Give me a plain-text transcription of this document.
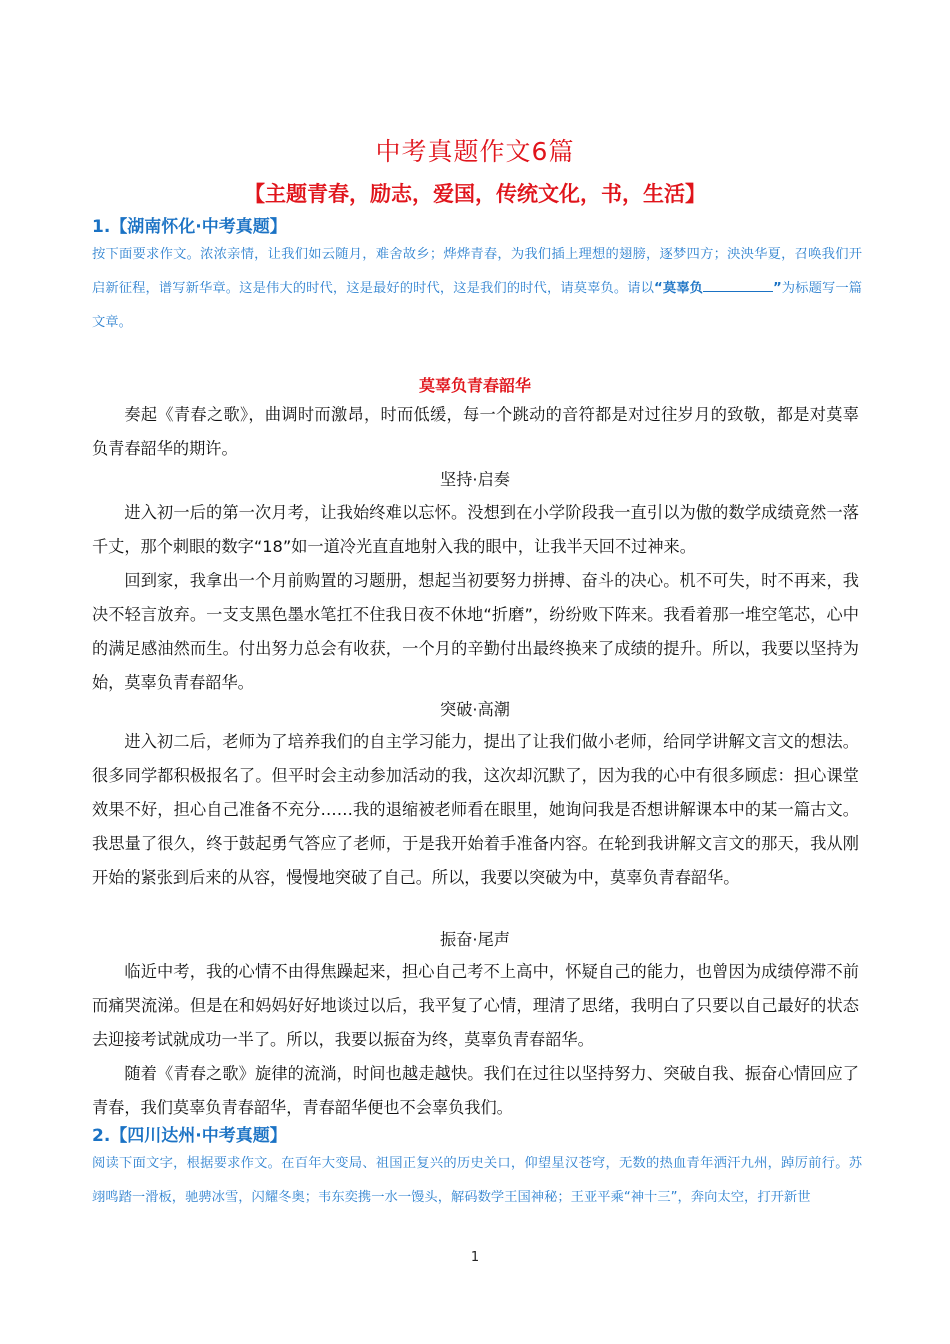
中考真题作文6篇
【主题青春，励志，爱国，传统文化，书，生活】
1.【湖南怀化·中考真题】
按下面要求作文。浓浓亲情，让我们如云随月，难舍故乡；烨烨青春，为我们插上理想的翅膀，逐梦四方；泱泱华夏，召唤我们开启新征程，谱写新华章。这是伟大的时代，这是最好的时代，这是我们的时代，请莫辜负。请以“莫辜负	”为标题写一篇文章。
莫辜负青春韶华

奏起《青春之歌》，曲调时而激昂，时而低缓，每一个跳动的音符都是对过往岁月的致敬，都是对莫辜负青春韶华的期许。

坚持·启奏

进入初一后的第一次月考，让我始终难以忘怀。没想到在小学阶段我一直引以为傲的数学成绩竟然一落千丈，那个刺眼的数字“18”如一道冷光直直地射入我的眼中，让我半天回不过神来。

回到家，我拿出一个月前购置的习题册，想起当初要努力拼搏、奋斗的决心。机不可失，时不再来，我决不轻言放弃。一支支黑色墨水笔扛不住我日夜不休地“折磨”，纷纷败下阵来。我看着那一堆空笔芯，心中的满足感油然而生。付出努力总会有收获，一个月的辛勤付出最终换来了成绩的提升。所以，我要以坚持为始，莫辜负青春韶华。

突破·高潮

进入初二后，老师为了培养我们的自主学习能力，提出了让我们做小老师，给同学讲解文言文的想法。很多同学都积极报名了。但平时会主动参加活动的我，这次却沉默了，因为我的心中有很多顾虑：担心课堂效果不好，担心自己准备不充分……我的退缩被老师看在眼里，她询问我是否想讲解课本中的某一篇古文。我思量了很久，终于鼓起勇气答应了老师，于是我开始着手准备内容。在轮到我讲解文言文的那天，我从刚开始的紧张到后来的从容，慢慢地突破了自己。所以，我要以突破为中，莫辜负青春韶华。

振奋·尾声

临近中考，我的心情不由得焦躁起来，担心自己考不上高中，怀疑自己的能力，也曾因为成绩停滞不前而痛哭流涕。但是在和妈妈好好地谈过以后，我平复了心情，理清了思绪，我明白了只要以自己最好的状态去迎接考试就成功一半了。所以，我要以振奋为终，莫辜负青春韶华。

随着《青春之歌》旋律的流淌，时间也越走越快。我们在过往以坚持努力、突破自我、振奋心情回应了青春，我们莫辜负青春韶华，青春韶华便也不会辜负我们。

2.【四川达州·中考真题】
阅读下面文字，根据要求作文。在百年大变局、祖国正复兴的历史关口，仰望星汉苍穹，无数的热血青年洒汗九州，踔厉前行。苏翊鸣踏一滑板，驰骋冰雪，闪耀冬奥；韦东奕携一水一馒头，解码数学王国神秘；王亚平乘“神十三”，奔向太空，打开新世
1
